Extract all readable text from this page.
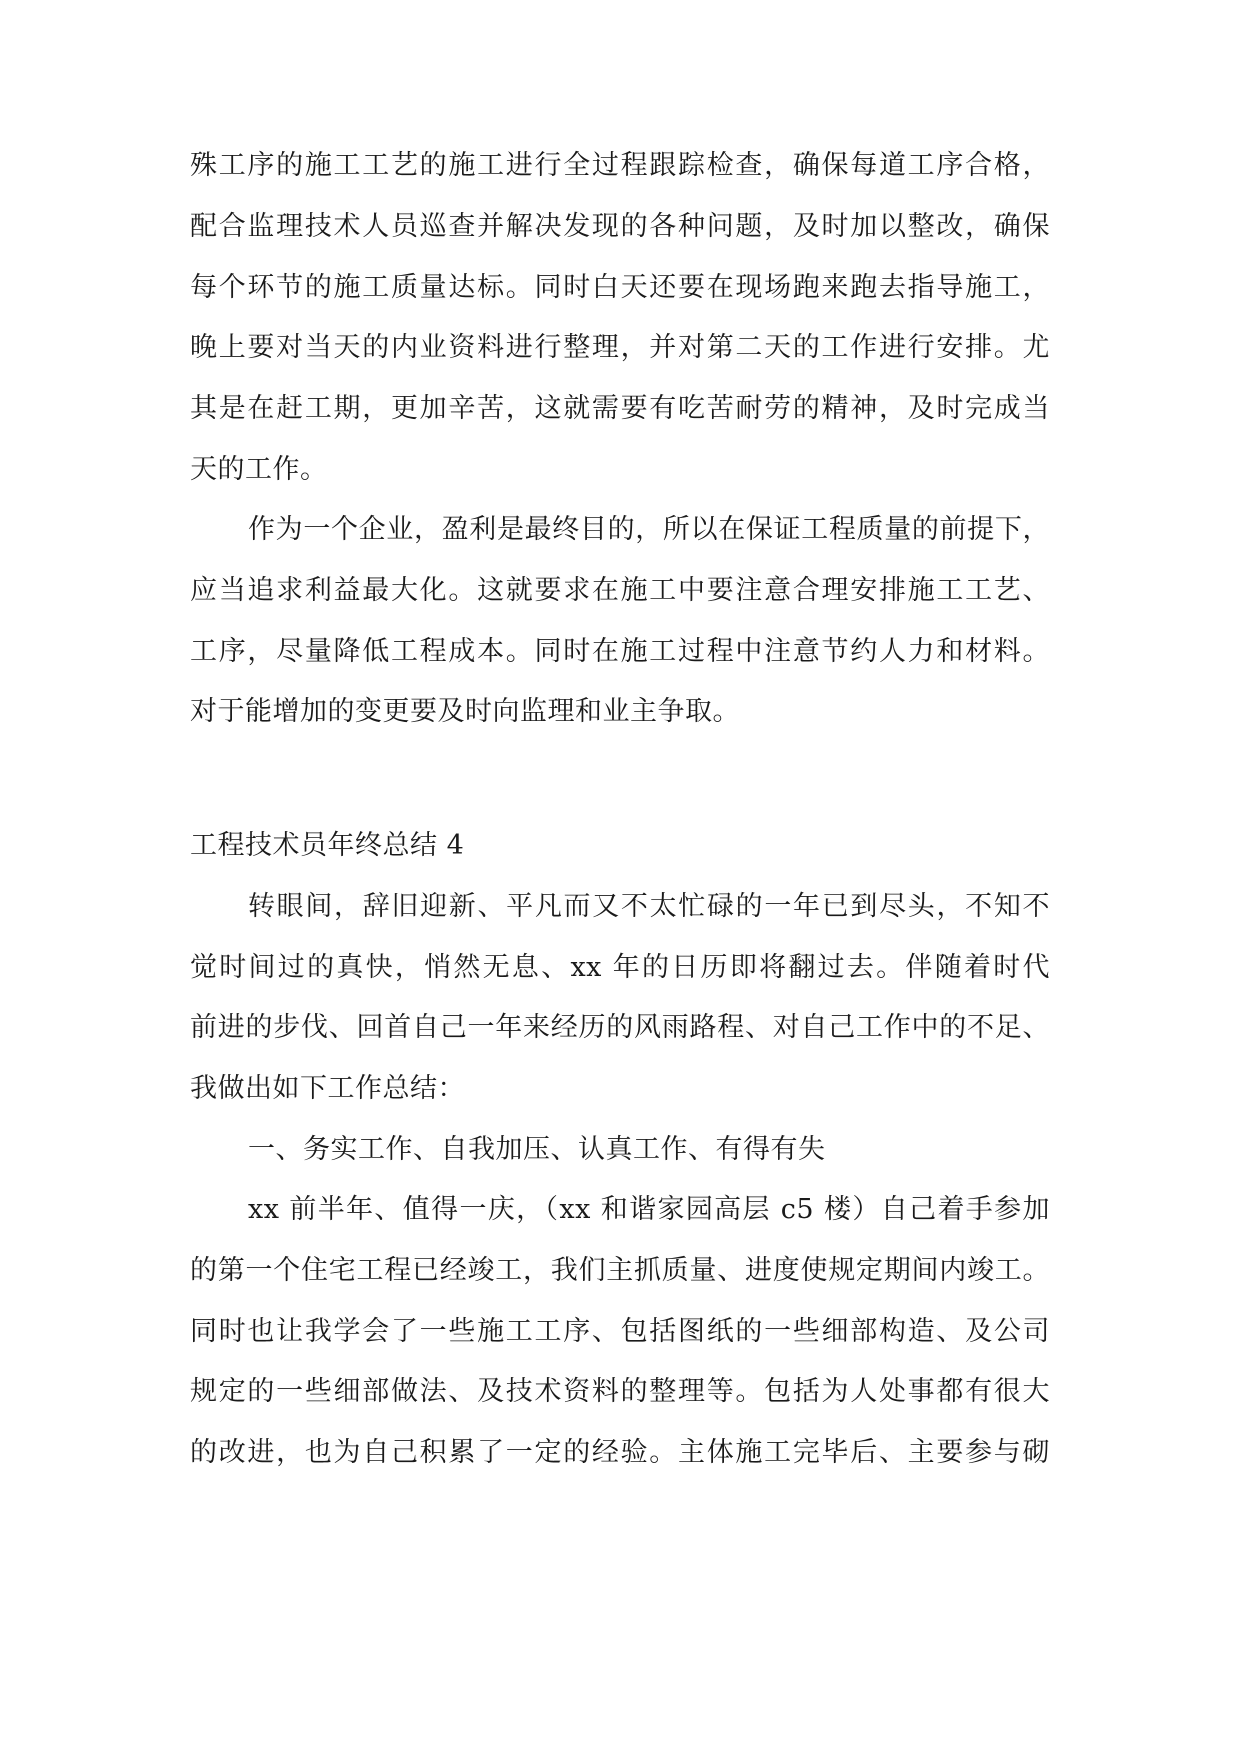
殊工序的施工工艺的施工进行全过程跟踪检查，确保每道工序合格，
配合监理技术人员巡查并解决发现的各种问题，及时加以整改，确保
每个环节的施工质量达标。同时白天还要在现场跑来跑去指导施工，
晚上要对当天的内业资料进行整理，并对第二天的工作进行安排。尤
其是在赶工期，更加辛苦，这就需要有吃苦耐劳的精神，及时完成当
天的工作。
作为一个企业，盈利是最终目的，所以在保证工程质量的前提下，
应当追求利益最大化。这就要求在施工中要注意合理安排施工工艺、
工序，尽量降低工程成本。同时在施工过程中注意节约人力和材料。
对于能增加的变更要及时向监理和业主争取。
工程技术员年终总结 4
转眼间，辞旧迎新、平凡而又不太忙碌的一年已到尽头，不知不
觉时间过的真快，悄然无息、xx 年的日历即将翻过去。伴随着时代
前进的步伐、回首自己一年来经历的风雨路程、对自己工作中的不足、
我做出如下工作总结：
一、务实工作、自我加压、认真工作、有得有失
xx 前半年、值得一庆，（xx 和谐家园高层 c5 楼）自己着手参加
的第一个住宅工程已经竣工，我们主抓质量、进度使规定期间内竣工。
同时也让我学会了一些施工工序、包括图纸的一些细部构造、及公司
规定的一些细部做法、及技术资料的整理等。包括为人处事都有很大
的改进，也为自己积累了一定的经验。主体施工完毕后、主要参与砌
